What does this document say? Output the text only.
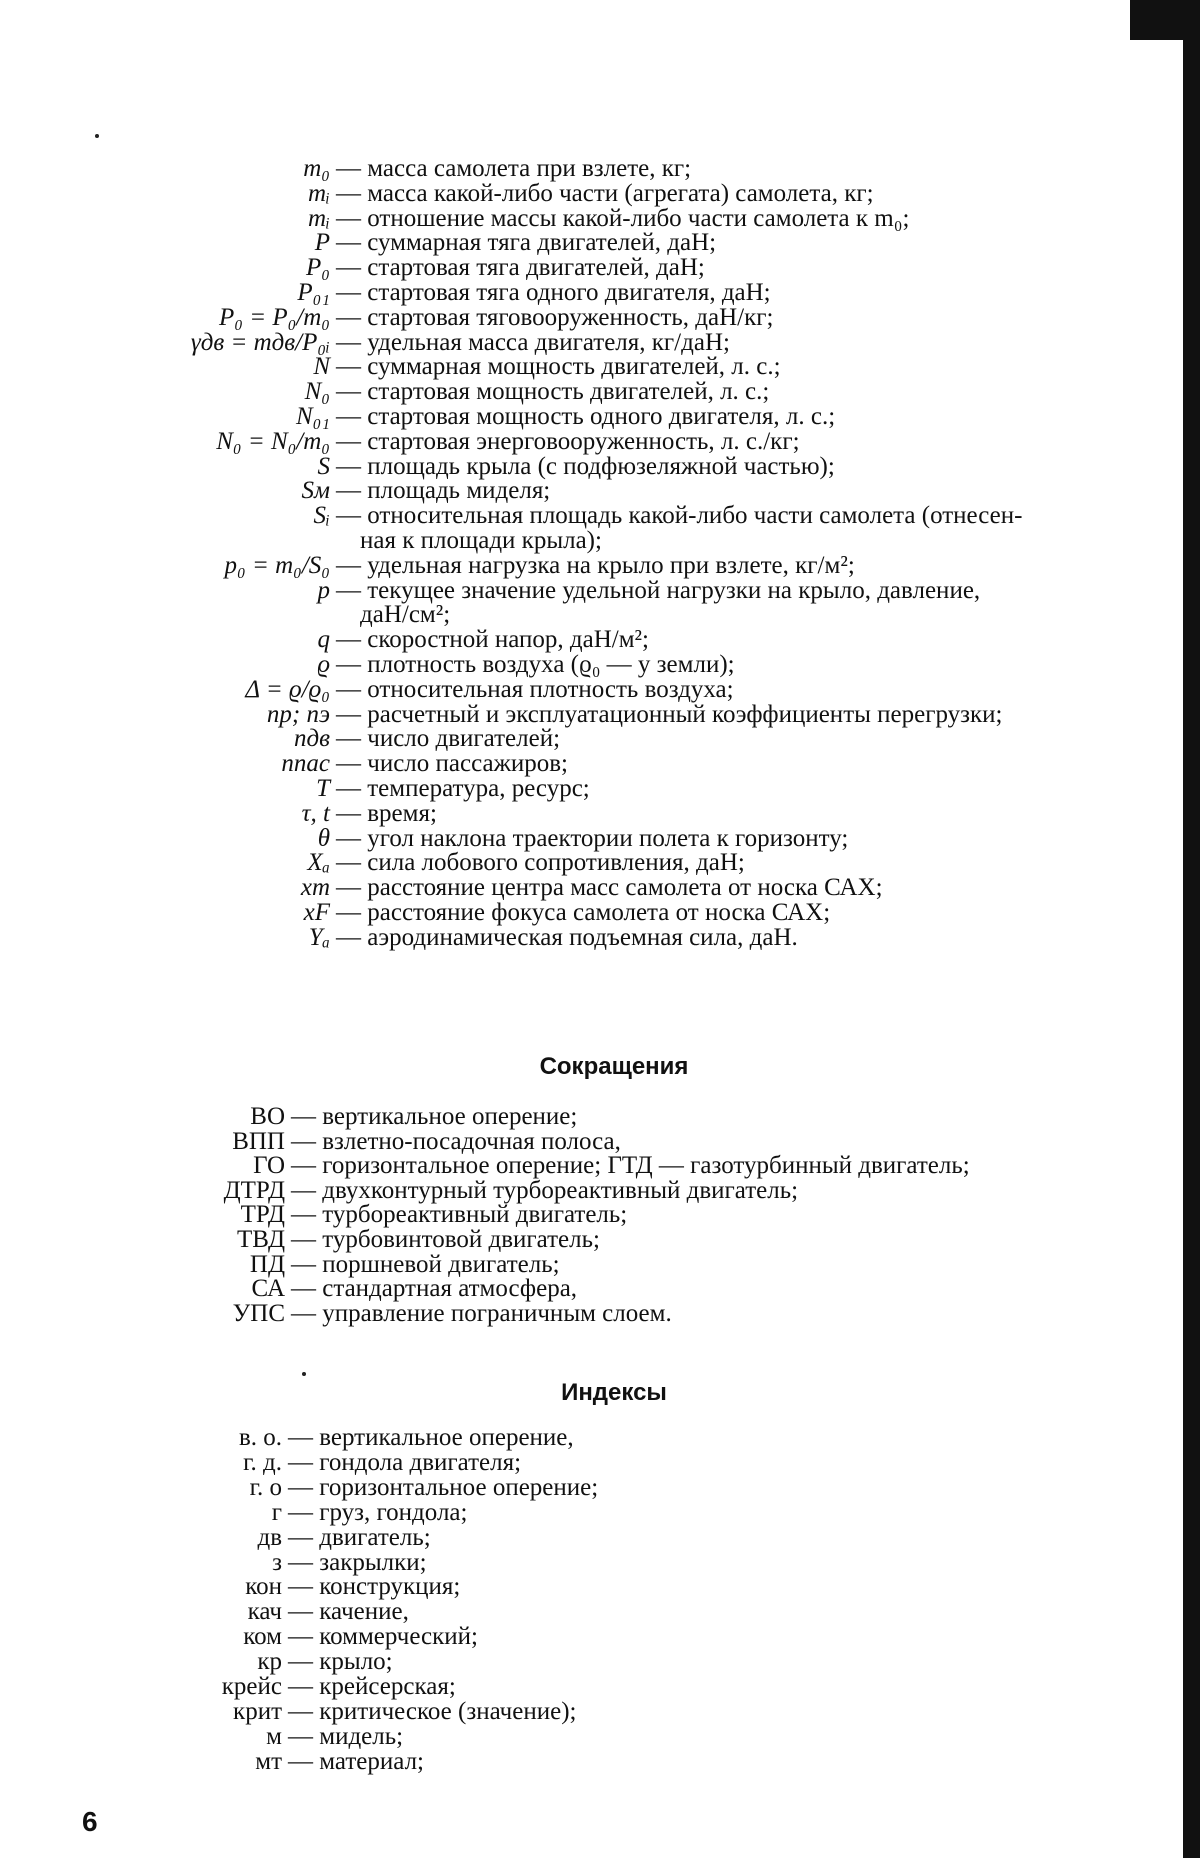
m₀ — масса самолета при взлете, кг;
mᵢ — масса какой-либо части (агрегата) самолета, кг;
mᵢ — отношение массы какой-либо части самолета к m₀;
P — суммарная тяга двигателей, даН;
P₀ — стартовая тяга двигателей, даН;
P₀₁ — стартовая тяга одного двигателя, даН;
P₀ = P₀/m₀ — стартовая тяговооруженность, даН/кг;
γдв = mдв/P₀ᵢ — удельная масса двигателя, кг/даН;
N — суммарная мощность двигателей, л. с.;
N₀ — стартовая мощность двигателей, л. с.;
N₀₁ — стартовая мощность одного двигателя, л. с.;
N₀ = N₀/m₀ — стартовая энерговооруженность, л. с./кг;
S — площадь крыла (с подфюзеляжной частью);
Sм — площадь миделя;
Sᵢ — относительная площадь какой-либо части самолета (отнесен-
ная к площади крыла);
p₀ = m₀/S₀ — удельная нагрузка на крыло при взлете, кг/м²;
p — текущее значение удельной нагрузки на крыло, давление,
даН/см²;
q — скоростной напор, даН/м²;
ϱ — плотность воздуха (ϱ₀ — у земли);
Δ = ϱ/ϱ₀ — относительная плотность воздуха;
nр; nэ — расчетный и эксплуатационный коэффициенты перегрузки;
nдв — число двигателей;
nпас — число пассажиров;
T — температура, ресурс;
τ, t — время;
θ — угол наклона траектории полета к горизонту;
Xₐ — сила лобового сопротивления, даН;
xт — расстояние центра масс самолета от носка САХ;
xF — расстояние фокуса самолета от носка САХ;
Yₐ — аэродинамическая подъемная сила, даН.
Сокращения
ВО — вертикальное оперение;
ВПП — взлетно-посадочная полоса,
ГО — горизонтальное оперение; ГТД — газотурбинный двигатель;
ДТРД — двухконтурный турбореактивный двигатель;
ТРД — турбореактивный двигатель;
ТВД — турбовинтовой двигатель;
ПД — поршневой двигатель;
СА — стандартная атмосфера,
УПС — управление пограничным слоем.
Индексы
в. о. — вертикальное оперение,
г. д. — гондола двигателя;
г. о — горизонтальное оперение;
г — груз, гондола;
дв — двигатель;
з — закрылки;
кон — конструкция;
кач — качение,
ком — коммерческий;
кр — крыло;
крейс — крейсерская;
крит — критическое (значение);
м — мидель;
мт — материал;
6
